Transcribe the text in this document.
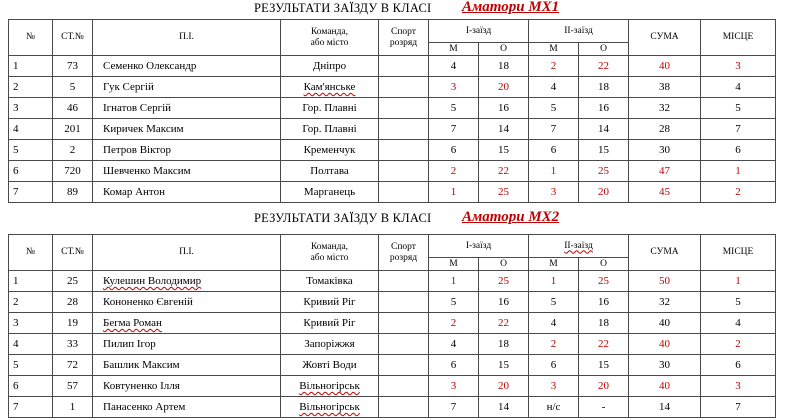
РЕЗУЛЬТАТИ ЗАЇЗДУ В КЛАСІ Аматори МХ1
№	СТ.№	П.І.	Команда,
або місто	Спорт
розряд	І-заїзд		ІІ-заїзд		СУМА	МІСЦЕ
					М	О	М	О		
1	73	Семенко Олександр	Дніпро		4	18	2	22	40	3
2	5	Гук Сергій	Кам'янське		3	20	4	18	38	4
3	46	Ігнатов Сергій	Гор. Плавні		5	16	5	16	32	5
4	201	Киричек Максим	Гор. Плавні		7	14	7	14	28	7
5	2	Петров Віктор	Кременчук		6	15	6	15	30	6
6	720	Шевченко Максим	Полтава		2	22	1	25	47	1
7	89	Комар Антон	Марганець		1	25	3	20	45	2
РЕЗУЛЬТАТИ ЗАЇЗДУ В КЛАСІ Аматори МХ2
№	СТ.№	П.І.	Команда,
або місто	Спорт
розряд	І-заїзд		ІІ-заїзд		СУМА	МІСЦЕ
					М	О	М	О		
1	25	Кулешин Володимир	Томаківка		1	25	1	25	50	1
2	28	Кононенко Євгеній	Кривий Ріг		5	16	5	16	32	5
3	19	Бегма Роман	Кривий Ріг		2	22	4	18	40	4
4	33	Пилип Ігор	Запоріжжя		4	18	2	22	40	2
5	72	Башлик Максим	Жовті Води		6	15	6	15	30	6
6	57	Ковтуненко Ілля	Вільногірськ		3	20	3	20	40	3
7	1	Панасенко Артем	Вільногірськ		7	14	н/с	-	14	7
